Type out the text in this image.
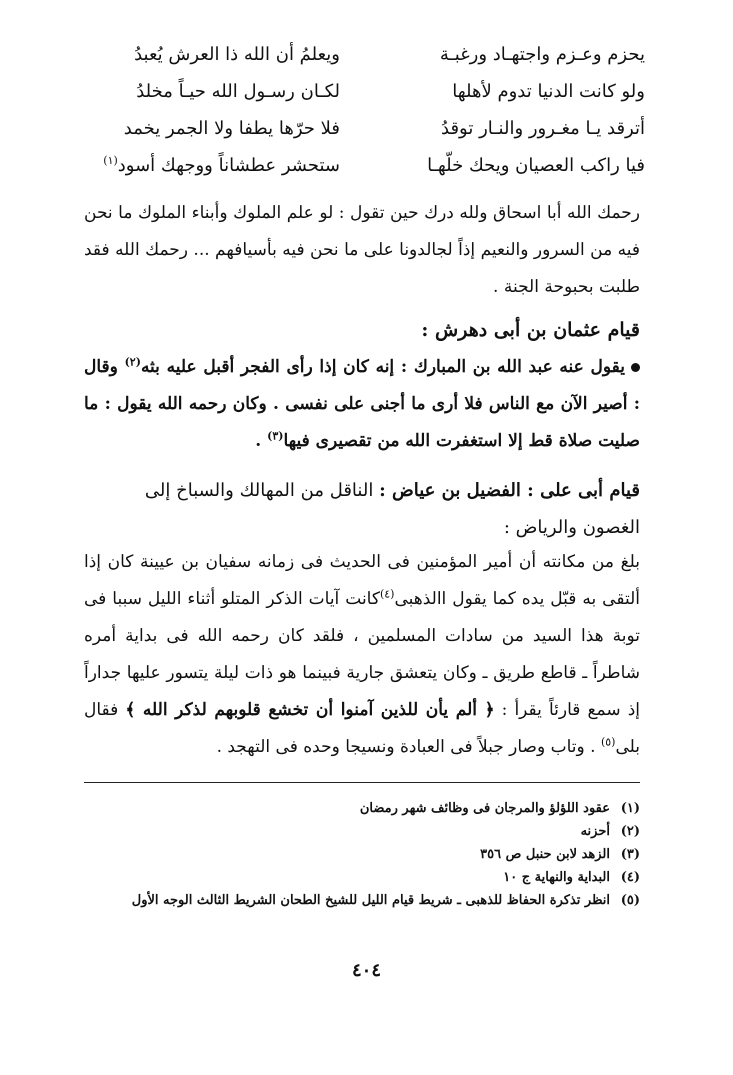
يحزم وعـزم واجتهـاد ورغبـة
ويعلمُ أن الله ذا العرش يُعبدُ
ولو كانت الدنيا تدوم لأهلها
لكـان رسـول الله حيـاً مخلدُ
أترقد يـا مغـرور والنـار توقدُ
فلا حرّها يطفا ولا الجمر يخمد
فيا راكب العصيان ويحك خلّهـا
ستحشر عطشاناً ووجهك أسود$^{(١)}$
رحمك الله أبا اسحاق ولله درك حين تقول : لو علم الملوك وأبناء الملوك ما نحن فيه من السرور والنعيم إذاً لجالدونا على ما نحن فيه بأسيافهم ... رحمك الله فقد طلبت بحبوحة الجنة .
قيام عثمان بن أبى دهرش :
يقول عنه عبد الله بن المبارك : إنه كان إذا رأى الفجر أقبل عليه بثه$^{(٢)}$ وقال : أصير الآن مع الناس فلا أرى ما أجنى على نفسى . وكان رحمه الله يقول : ما صليت صلاة قط إلا استغفرت الله من تقصيرى فيها$^{(٣)}$ .
قيام أبى على : الفضيل بن عياض : الناقل من المهالك والسباخ إلى الغصون والرياض :
بلغ من مكانته أن أمير المؤمنين فى الحديث فى زمانه سفيان بن عيينة كان إذا ألتقى به قبّل يده كما يقول االذهبى$^{(٤)}$كانت آيات الذكر المتلو أثناء الليل سببا فى توبة هذا السيد من سادات المسلمين ، فلقد كان رحمه الله فى بداية أمره شاطراً ـ قاطع طريق ـ وكان يتعشق جارية فبينما هو ذات ليلة يتسور عليها جداراً إذ سمع قارئاً يقرأ : ﴿ ألم يأن للذين آمنوا أن تخشع قلوبهم لذكر الله ﴾ فقال بلى$^{(٥)}$ . وتاب وصار جبلاً فى العبادة ونسيجا وحده فى التهجد .
(١)عقود اللؤلؤ والمرجان فى وظائف شهر رمضان
(٢)أحزنه
(٣)الزهد لابن حنبل ص ٣٥٦
(٤)البداية والنهاية ج ١٠
(٥)انظر تذكرة الحفاظ للذهبى ـ شريط قيام الليل للشيخ الطحان الشريط الثالث الوجه الأول
٤٠٤
